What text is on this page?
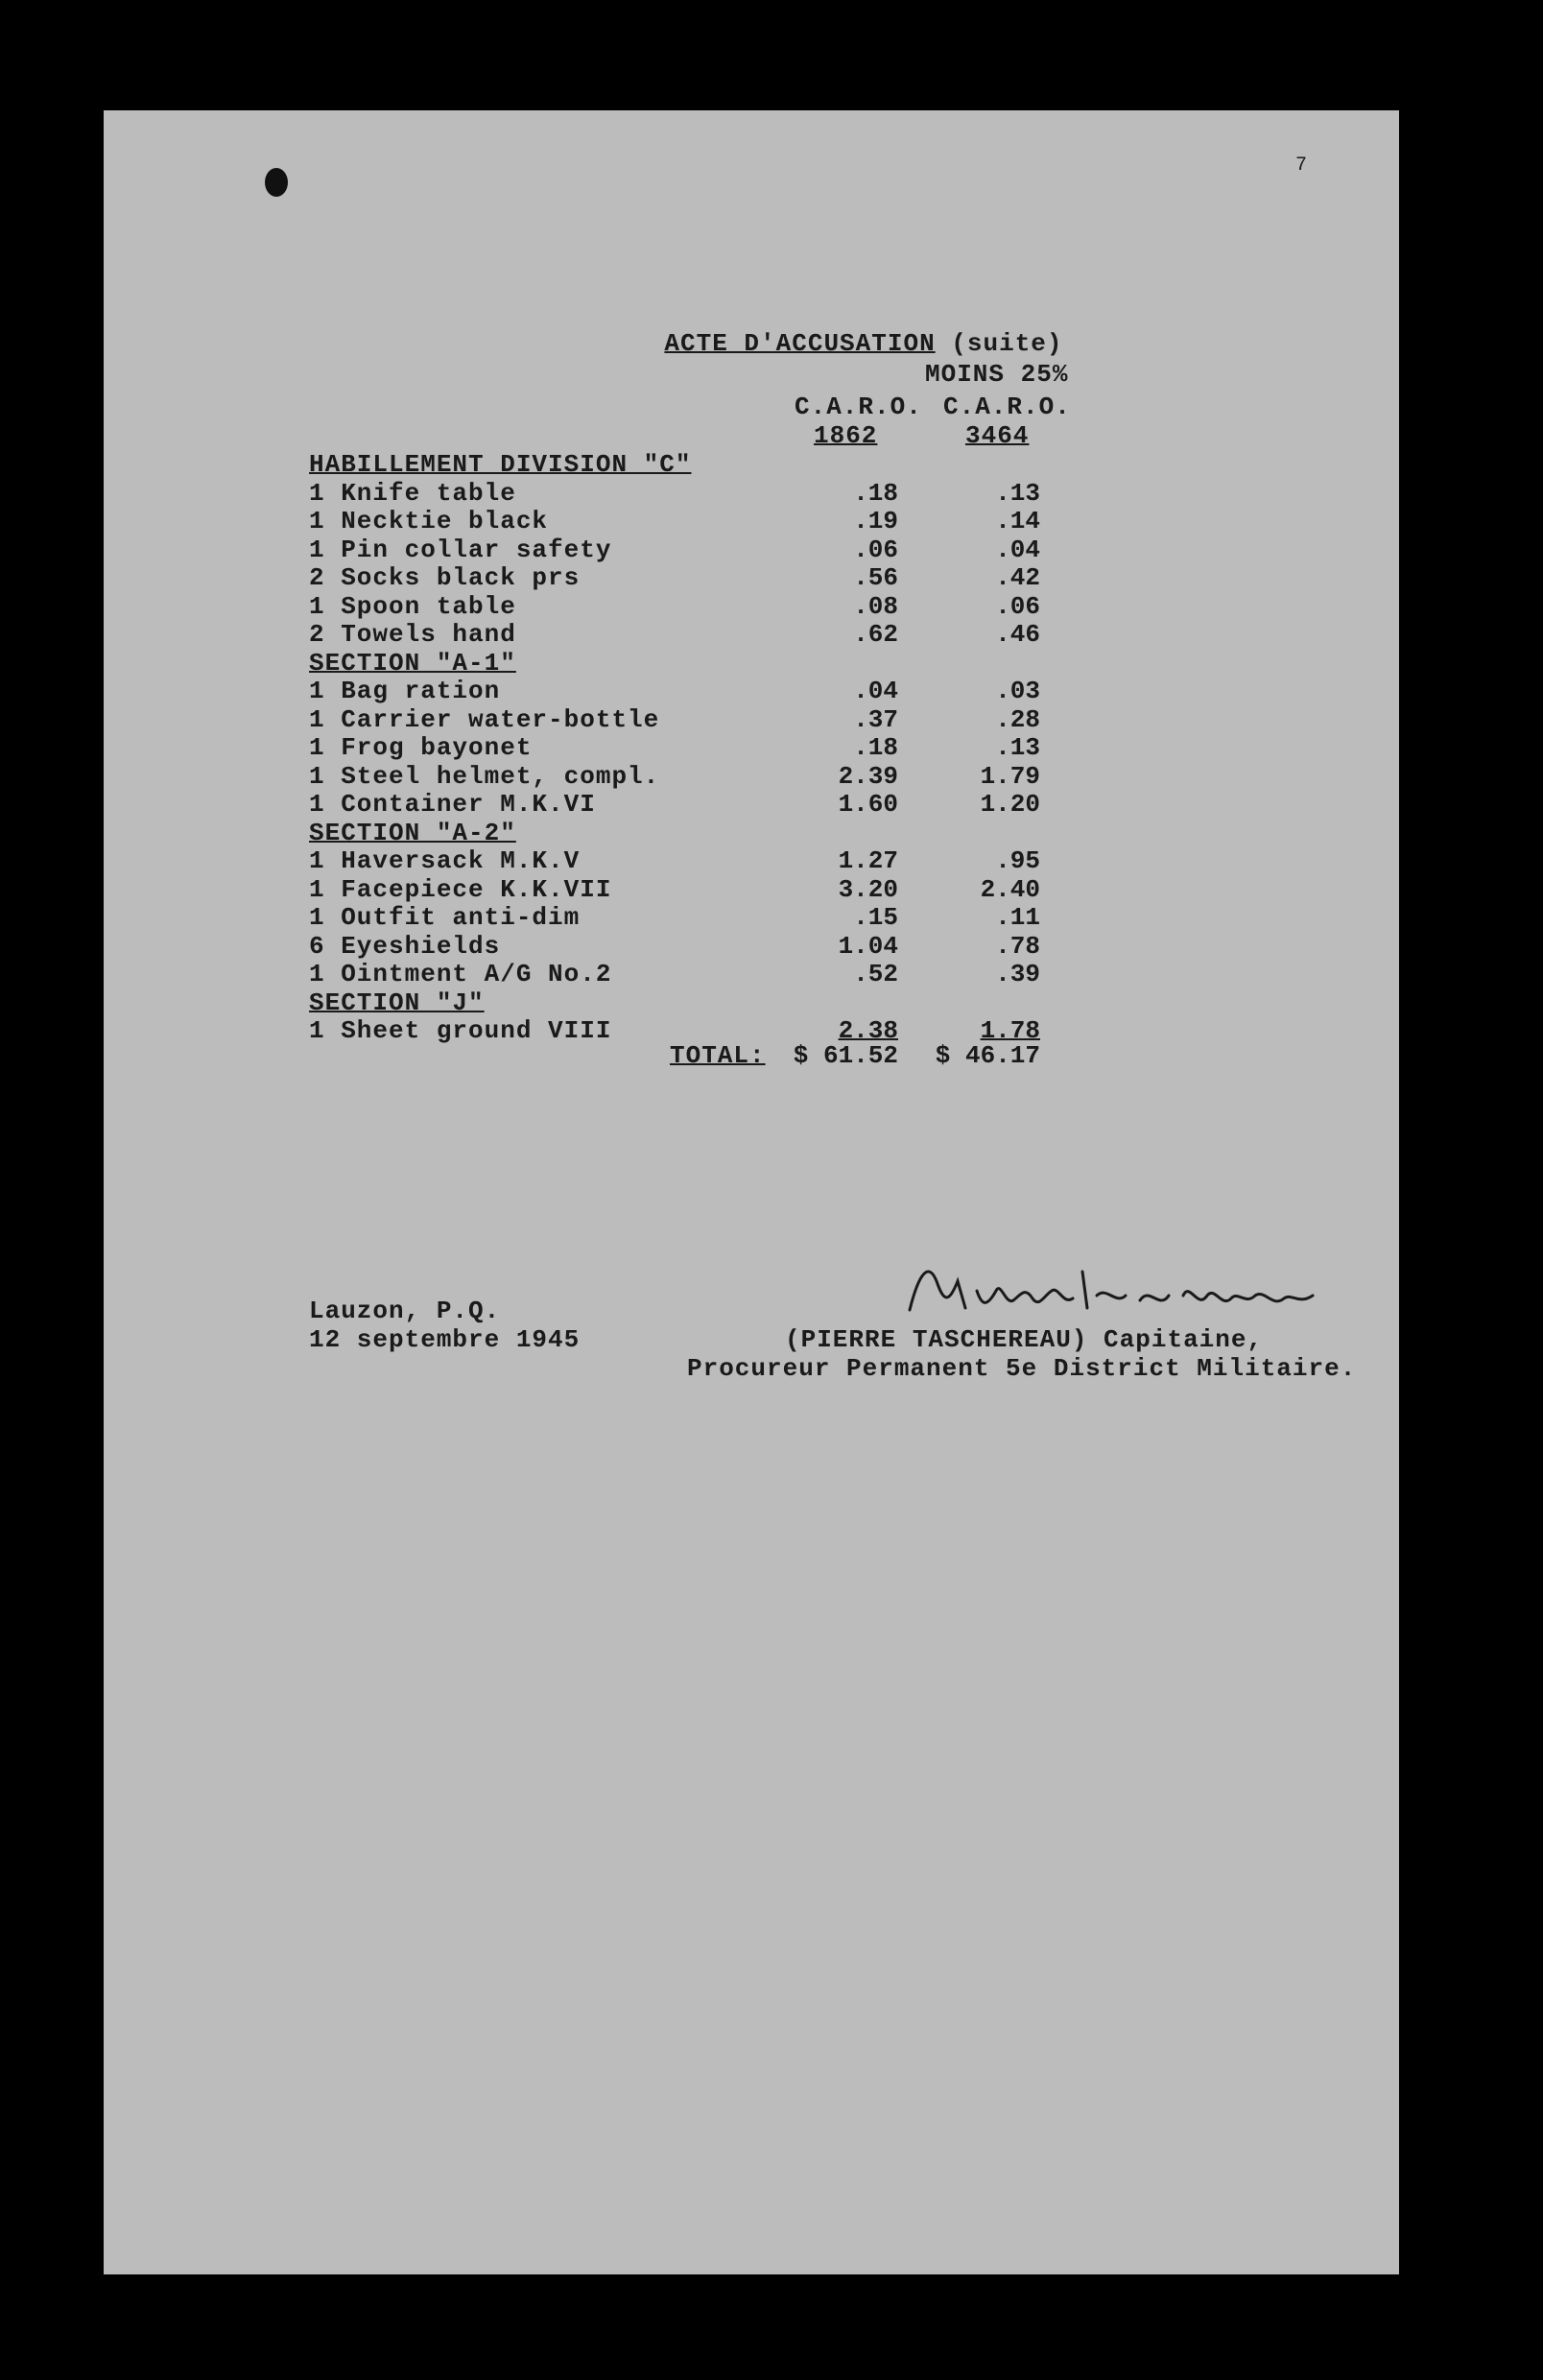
7

ACTE D'ACCUSATION (suite)

MOINS 25%
C.A.R.O. C.A.R.O.
1862	3464
HABILLEMENT DIVISION "C"
1 Knife table	.18	.13
1 Necktie black	.19	.14
1 Pin collar safety	.06	.04
2 Socks black prs	.56	.42
1 Spoon table	.08	.06
2 Towels hand	.62	.46
SECTION "A-1"
1 Bag ration	.04	.03
1 Carrier water-bottle	.37	.28
1 Frog bayonet	.18	.13
1 Steel helmet, compl.	2.39	1.79
1 Container M.K.VI	1.60	1.20
SECTION "A-2"
1 Haversack M.K.V	1.27	.95
1 Facepiece K.K.VII	3.20	2.40
1 Outfit anti-dim	.15	.11
6 Eyeshields	1.04	.78
1 Ointment A/G No.2	.52	.39
SECTION "J"
1 Sheet ground VIII	2.38	1.78
TOTAL:	$ 61.52	$ 46.17
Lauzon, P.Q.
12 septembre 1945	(PIERRE TASCHEREAU) Capitaine,
Procureur Permanent 5e District Militaire.
